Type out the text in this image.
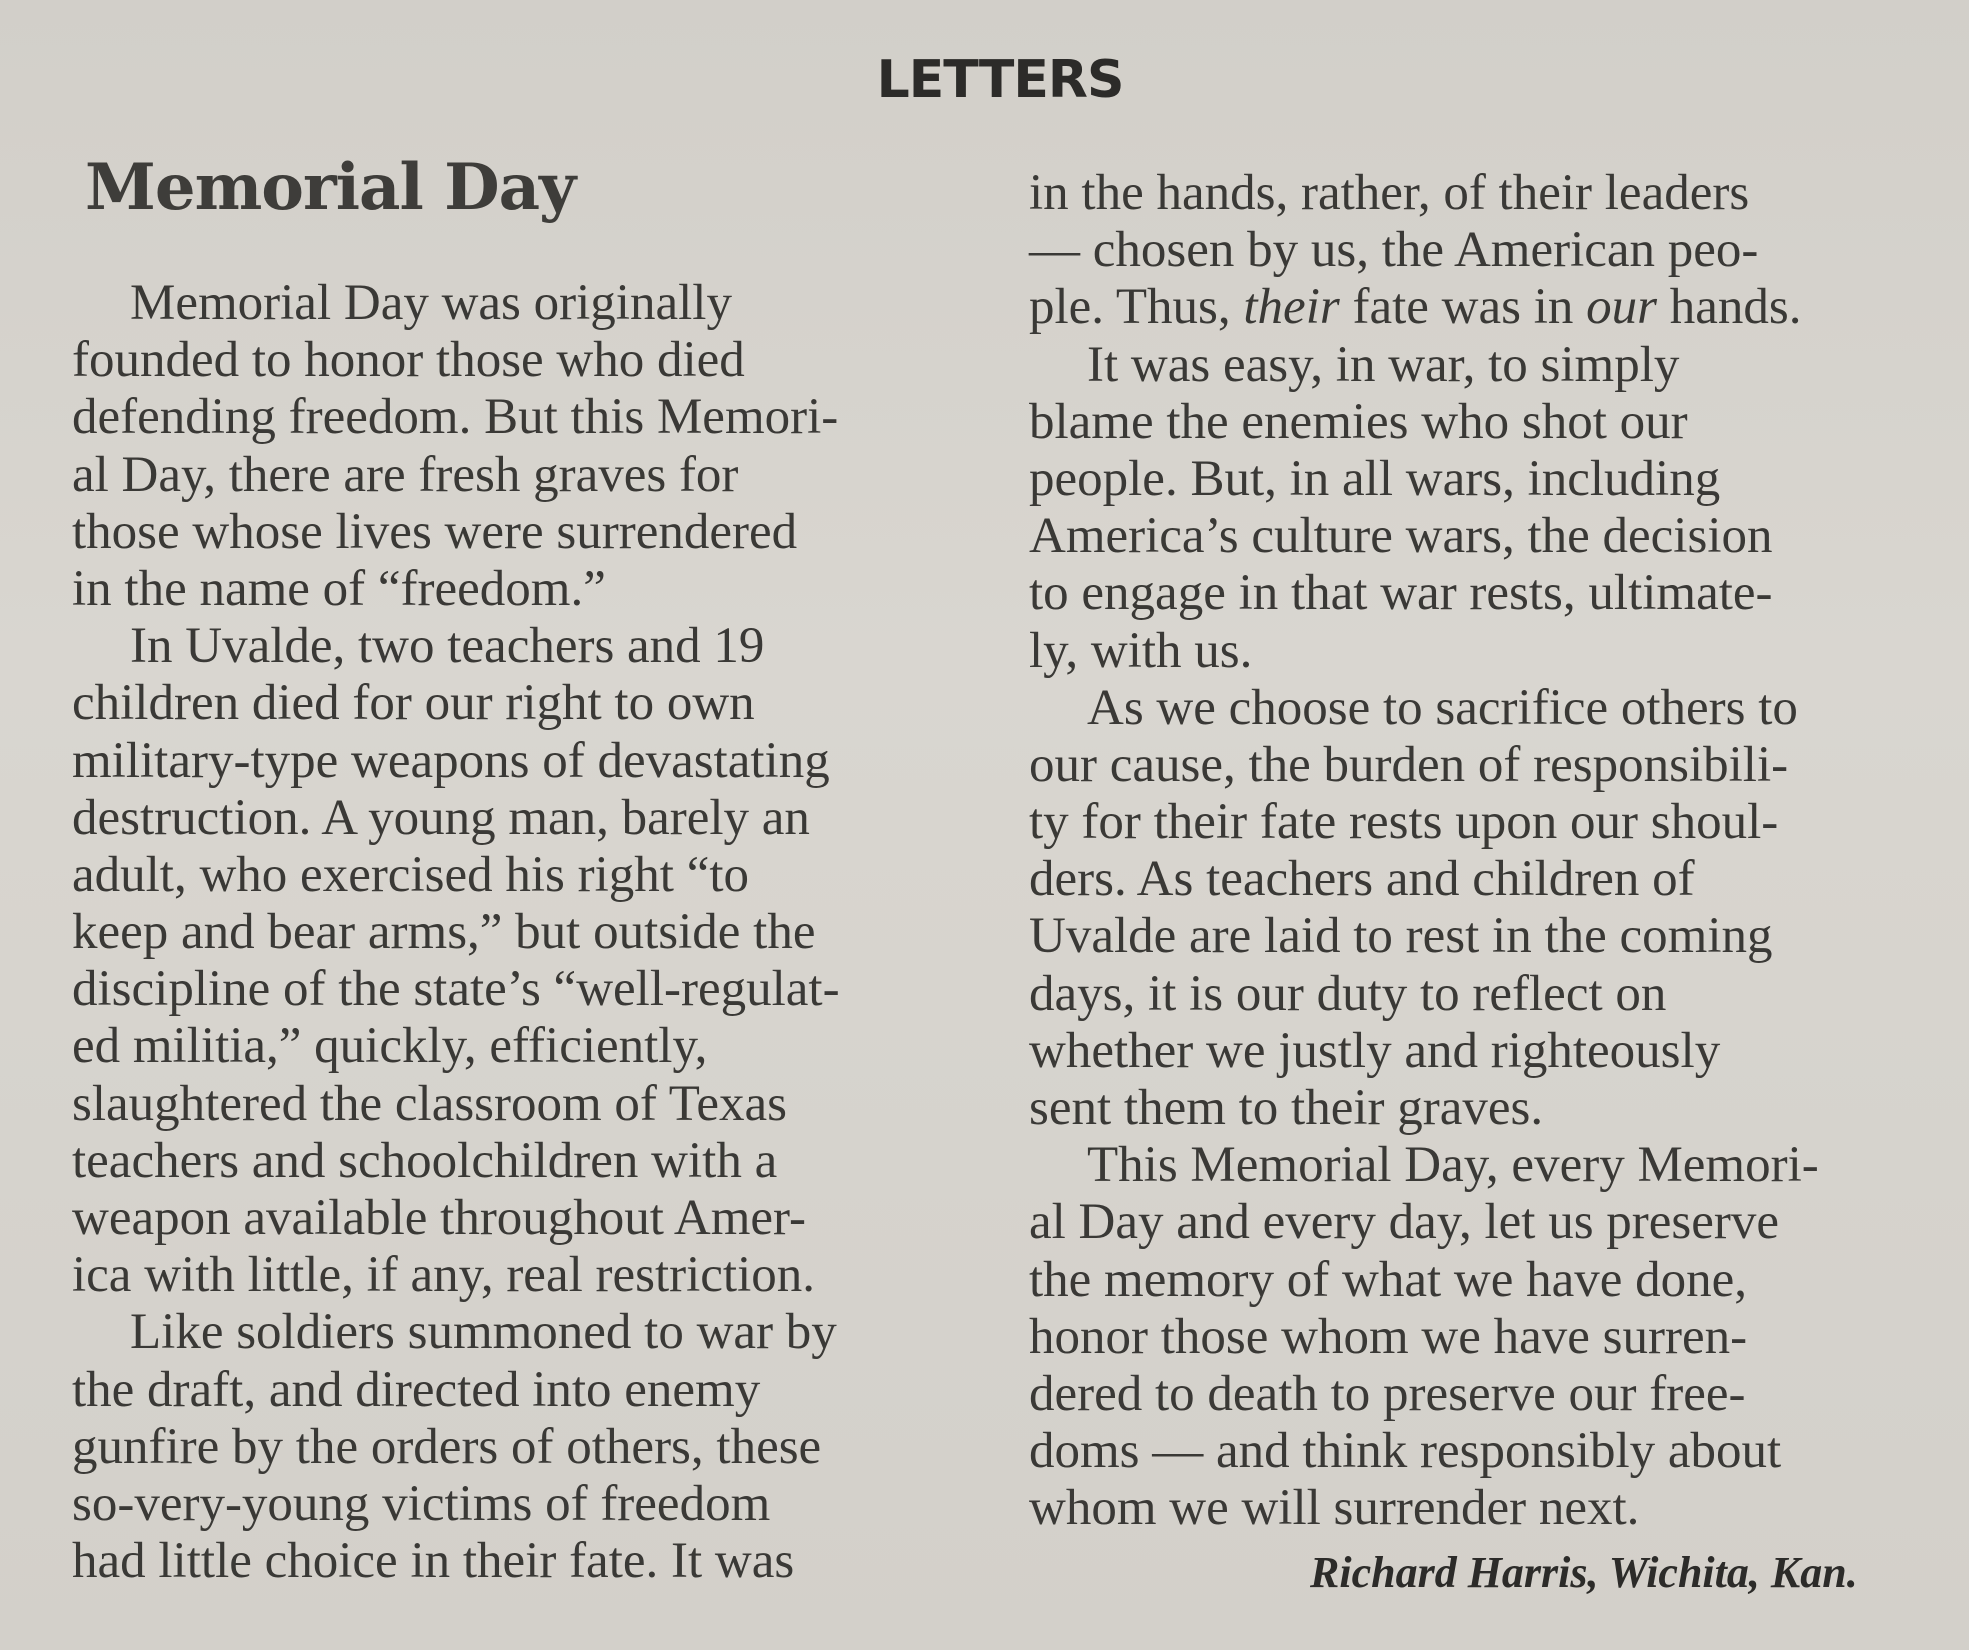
LETTERS
Memorial Day
Memorial Day was originally
founded to honor those who died
defending freedom. But this Memori-
al Day, there are fresh graves for
those whose lives were surrendered
in the name of “freedom.”
In Uvalde, two teachers and 19
children died for our right to own
military-type weapons of devastating
destruction. A young man, barely an
adult, who exercised his right “to
keep and bear arms,” but outside the
discipline of the state’s “well-regulat-
ed militia,” quickly, efficiently,
slaughtered the classroom of Texas
teachers and schoolchildren with a
weapon available throughout Amer-
ica with little, if any, real restriction.
Like soldiers summoned to war by
the draft, and directed into enemy
gunfire by the orders of others, these
so-very-young victims of freedom
had little choice in their fate. It was
in the hands, rather, of their leaders
— chosen by us, the American peo-
ple. Thus, their fate was in our hands.
It was easy, in war, to simply
blame the enemies who shot our
people. But, in all wars, including
America’s culture wars, the decision
to engage in that war rests, ultimate-
ly, with us.
As we choose to sacrifice others to
our cause, the burden of responsibili-
ty for their fate rests upon our shoul-
ders. As teachers and children of
Uvalde are laid to rest in the coming
days, it is our duty to reflect on
whether we justly and righteously
sent them to their graves.
This Memorial Day, every Memori-
al Day and every day, let us preserve
the memory of what we have done,
honor those whom we have surren-
dered to death to preserve our free-
doms — and think responsibly about
whom we will surrender next.
Richard Harris, Wichita, Kan.
